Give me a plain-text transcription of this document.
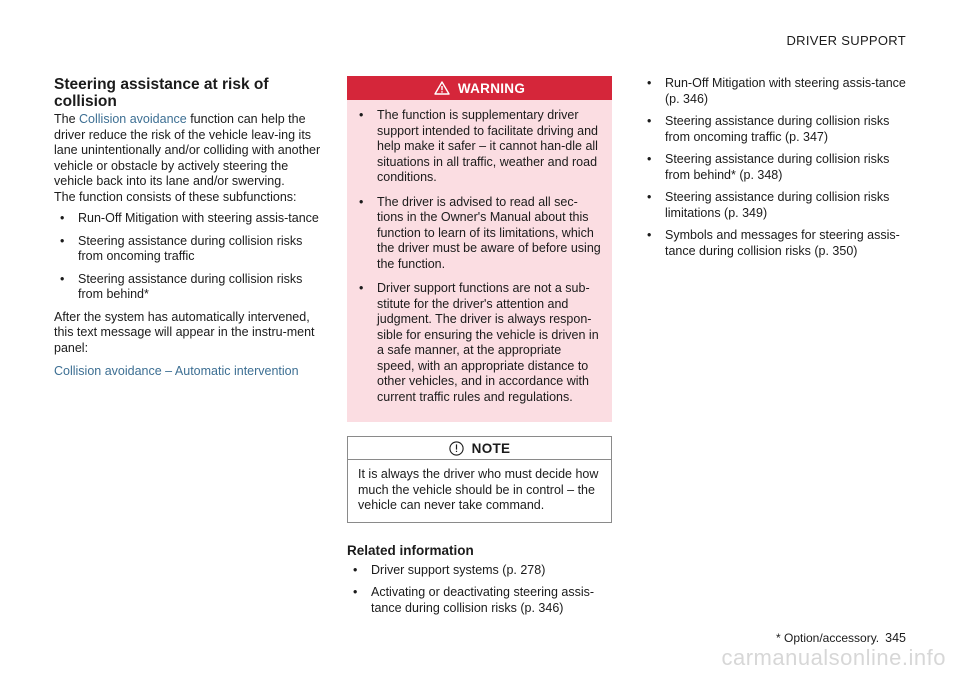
DRIVER SUPPORT
Steering assistance at risk of collision

The Collision avoidance function can help the driver reduce the risk of the vehicle leav-ing its lane unintentionally and/or colliding with another vehicle or obstacle by actively steering the vehicle back into its lane and/or swerving.

The function consists of these subfunctions:

• Run-Off Mitigation with steering assis-tance
• Steering assistance during collision risks from oncoming traffic
• Steering assistance during collision risks from behind*

After the system has automatically intervened, this text message will appear in the instru-ment panel:

Collision avoidance – Automatic intervention
WARNING
• The function is supplementary driver support intended to facilitate driving and help make it safer – it cannot han-dle all situations in all traffic, weather and road conditions.
• The driver is advised to read all sec-tions in the Owner's Manual about this function to learn of its limitations, which the driver must be aware of before using the function.
• Driver support functions are not a sub-stitute for the driver's attention and judgment. The driver is always respon-sible for ensuring the vehicle is driven in a safe manner, at the appropriate speed, with an appropriate distance to other vehicles, and in accordance with current traffic rules and regulations.
NOTE
It is always the driver who must decide how much the vehicle should be in control – the vehicle can never take command.
Related information
• Driver support systems (p. 278)
• Activating or deactivating steering assis-tance during collision risks (p. 346)
• Run-Off Mitigation with steering assis-tance (p. 346)
• Steering assistance during collision risks from oncoming traffic (p. 347)
• Steering assistance during collision risks from behind* (p. 348)
• Steering assistance during collision risks limitations (p. 349)
• Symbols and messages for steering assis-tance during collision risks (p. 350)
* Option/accessory. 345
carmanualsonline.info
